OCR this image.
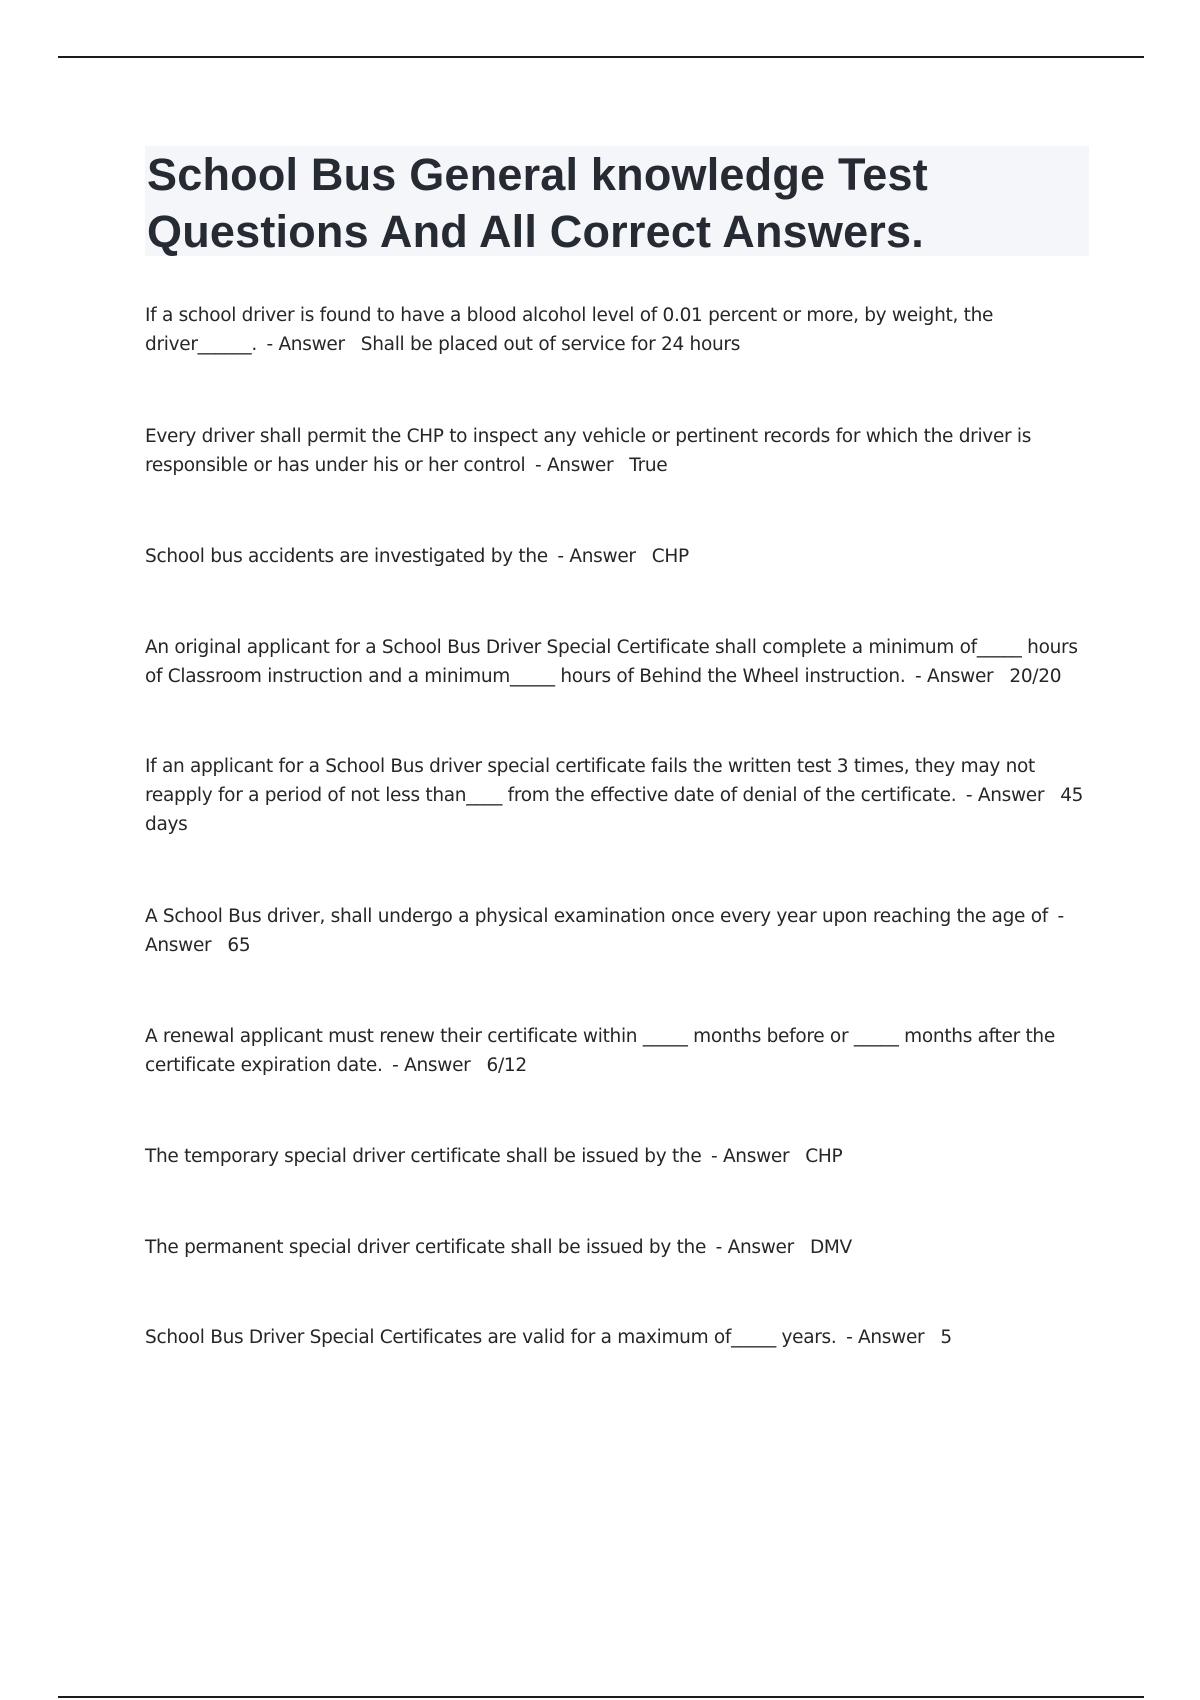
School Bus General knowledge Test Questions And All Correct Answers.

If a school driver is found to have a blood alcohol level of 0.01 percent or more, by weight, the driver______. - Answer Shall be placed out of service for 24 hours

Every driver shall permit the CHP to inspect any vehicle or pertinent records for which the driver is responsible or has under his or her control - Answer True

School bus accidents are investigated by the - Answer CHP

An original applicant for a School Bus Driver Special Certificate shall complete a minimum of_____ hours of Classroom instruction and a minimum_____ hours of Behind the Wheel instruction. - Answer 20/20

If an applicant for a School Bus driver special certificate fails the written test 3 times, they may not reapply for a period of not less than____ from the effective date of denial of the certificate. - Answer 45 days

A School Bus driver, shall undergo a physical examination once every year upon reaching the age of - Answer 65

A renewal applicant must renew their certificate within _____ months before or _____ months after the certificate expiration date. - Answer 6/12

The temporary special driver certificate shall be issued by the - Answer CHP

The permanent special driver certificate shall be issued by the - Answer DMV

School Bus Driver Special Certificates are valid for a maximum of_____ years. - Answer 5
